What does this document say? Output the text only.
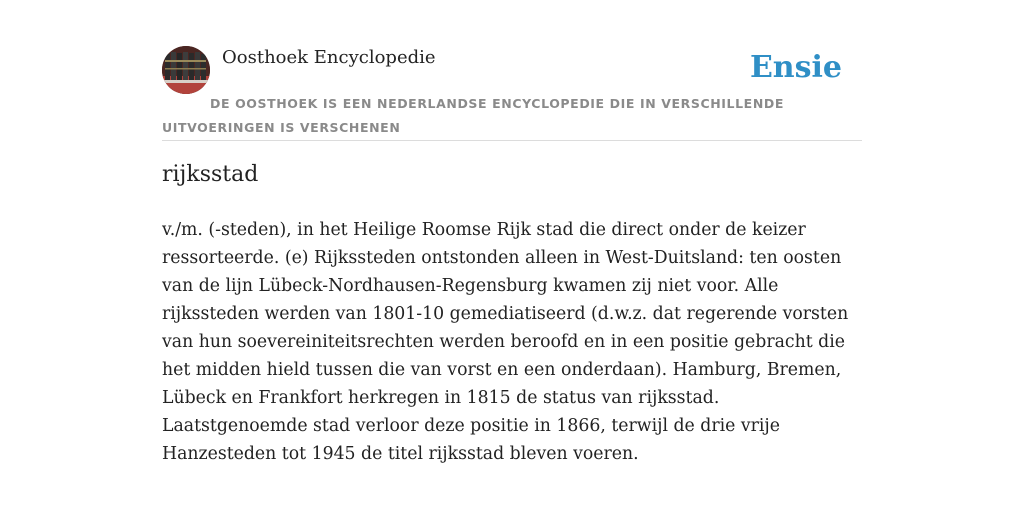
Oosthoek Encyclopedie	Ensie
DE OOSTHOEK IS EEN NEDERLANDSE ENCYCLOPEDIE DIE IN VERSCHILLENDE UITVOERINGEN IS VERSCHENEN
rijksstad

v./m. (-steden), in het Heilige Roomse Rijk stad die direct onder de keizer ressorteerde. (e) Rijkssteden ontstonden alleen in West-Duitsland: ten oosten van de lijn Lübeck-Nordhausen-Regensburg kwamen zij niet voor. Alle rijkssteden werden van 1801-10 gemediatiseerd (d.w.z. dat regerende vorsten van hun soevereiniteitsrechten werden beroofd en in een positie gebracht die het midden hield tussen die van vorst en een onderdaan). Hamburg, Bremen, Lübeck en Frankfort herkregen in 1815 de status van rijksstad. Laatstgenoemde stad verloor deze positie in 1866, terwijl de drie vrije Hanzesteden tot 1945 de titel rijksstad bleven voeren.
